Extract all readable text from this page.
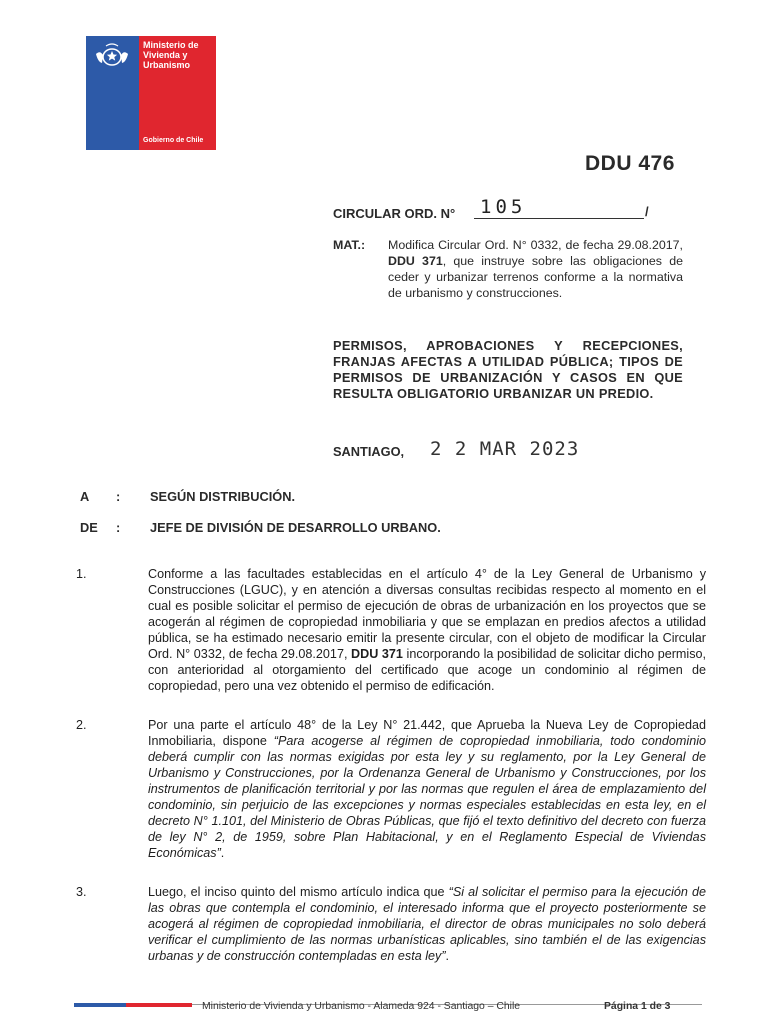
Ministerio de Vivienda y Urbanismo
Gobierno de Chile
DDU 476
CIRCULAR ORD. N° 105	/
MAT.: Modifica Circular Ord. N° 0332, de fecha 29.08.2017, DDU 371, que instruye sobre las obligaciones de ceder y urbanizar terrenos conforme a la normativa de urbanismo y construcciones.
PERMISOS, APROBACIONES Y RECEPCIONES, FRANJAS AFECTAS A UTILIDAD PÚBLICA; TIPOS DE PERMISOS DE URBANIZACIÓN Y CASOS EN QUE RESULTA OBLIGATORIO URBANIZAR UN PREDIO.
SANTIAGO, 2 2 MAR 2023
A : SEGÚN DISTRIBUCIÓN.
DE : JEFE DE DIVISIÓN DE DESARROLLO URBANO.
1.	Conforme a las facultades establecidas en el artículo 4° de la Ley General de Urbanismo y Construcciones (LGUC), y en atención a diversas consultas recibidas respecto al momento en el cual es posible solicitar el permiso de ejecución de obras de urbanización en los proyectos que se acogerán al régimen de copropiedad inmobiliaria y que se emplazan en predios afectos a utilidad pública, se ha estimado necesario emitir la presente circular, con el objeto de modificar la Circular Ord. N° 0332, de fecha 29.08.2017, DDU 371 incorporando la posibilidad de solicitar dicho permiso, con anterioridad al otorgamiento del certificado que acoge un condominio al régimen de copropiedad, pero una vez obtenido el permiso de edificación.
2.	Por una parte el artículo 48° de la Ley N° 21.442, que Aprueba la Nueva Ley de Copropiedad Inmobiliaria, dispone “Para acogerse al régimen de copropiedad inmobiliaria, todo condominio deberá cumplir con las normas exigidas por esta ley y su reglamento, por la Ley General de Urbanismo y Construcciones, por la Ordenanza General de Urbanismo y Construcciones, por los instrumentos de planificación territorial y por las normas que regulen el área de emplazamiento del condominio, sin perjuicio de las excepciones y normas especiales establecidas en esta ley, en el decreto N° 1.101, del Ministerio de Obras Públicas, que fijó el texto definitivo del decreto con fuerza de ley N° 2, de 1959, sobre Plan Habitacional, y en el Reglamento Especial de Viviendas Económicas”.
3.	Luego, el inciso quinto del mismo artículo indica que “Si al solicitar el permiso para la ejecución de las obras que contempla el condominio, el interesado informa que el proyecto posteriormente se acogerá al régimen de copropiedad inmobiliaria, el director de obras municipales no solo deberá verificar el cumplimiento de las normas urbanísticas aplicables, sino también el de las exigencias urbanas y de construcción contempladas en esta ley”.
Ministerio de Vivienda y Urbanismo - Alameda 924 - Santiago – Chile	Página 1 de 3
